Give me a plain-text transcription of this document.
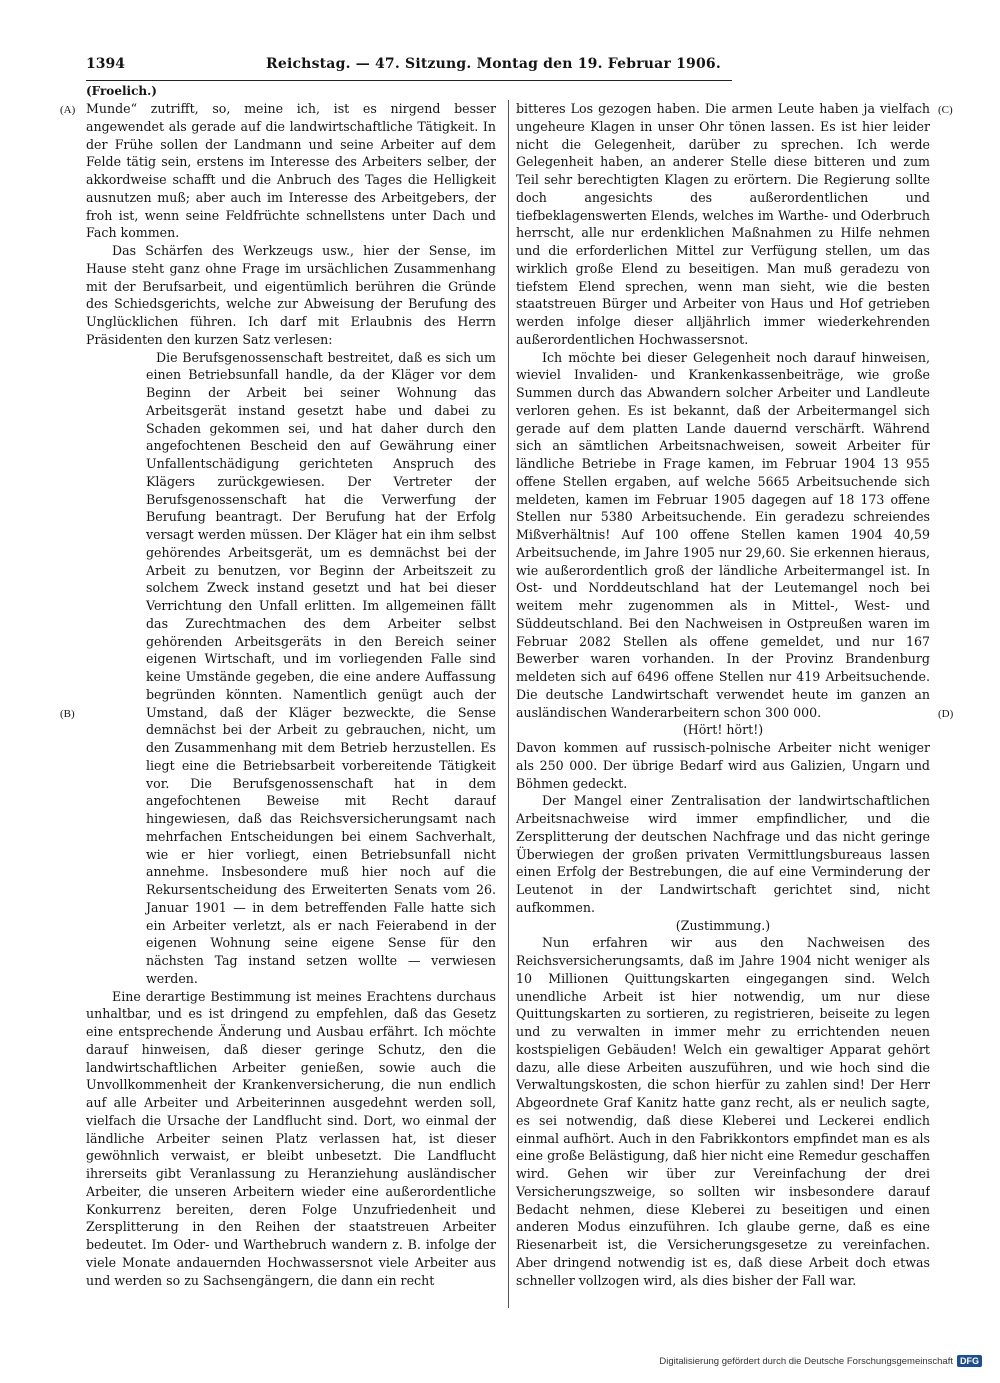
1394	Reichstag. — 47. Sitzung. Montag den 19. Februar 1906.
(Froelich.)
(A)
(B)
(C)
(D)

Munde“ zutrifft, so, meine ich, ist es nirgend besser angewendet als gerade auf die landwirtschaftliche Tätigkeit. In der Frühe sollen der Landmann und seine Arbeiter auf dem Felde tätig sein, erstens im Interesse des Arbeiters selber, der akkordweise schafft und die Anbruch des Tages die Helligkeit ausnutzen muß; aber auch im Interesse des Arbeitgebers, der froh ist, wenn seine Feldfrüchte schnellstens unter Dach und Fach kommen.

Das Schärfen des Werkzeugs usw., hier der Sense, im Hause steht ganz ohne Frage im ursächlichen Zusammenhang mit der Berufsarbeit, und eigentümlich berühren die Gründe des Schiedsgerichts, welche zur Abweisung der Berufung des Unglücklichen führen. Ich darf mit Erlaubnis des Herrn Präsidenten den kurzen Satz verlesen:

Die Berufsgenossenschaft bestreitet, daß es sich um einen Betriebsunfall handle, da der Kläger vor dem Beginn der Arbeit bei seiner Wohnung das Arbeitsgerät instand gesetzt habe und dabei zu Schaden gekommen sei, und hat daher durch den angefochtenen Bescheid den auf Gewährung einer Unfallentschädigung gerichteten Anspruch des Klägers zurückgewiesen. Der Vertreter der Berufsgenossenschaft hat die Verwerfung der Berufung beantragt. Der Berufung hat der Erfolg versagt werden müssen. Der Kläger hat ein ihm selbst gehörendes Arbeitsgerät, um es demnächst bei der Arbeit zu benutzen, vor Beginn der Arbeitszeit zu solchem Zweck instand gesetzt und hat bei dieser Verrichtung den Unfall erlitten. Im allgemeinen fällt das Zurechtmachen des dem Arbeiter selbst gehörenden Arbeitsgeräts in den Bereich seiner eigenen Wirtschaft, und im vorliegenden Falle sind keine Umstände gegeben, die eine andere Auffassung begründen könnten. Namentlich genügt auch der Umstand, daß der Kläger bezweckte, die Sense demnächst bei der Arbeit zu gebrauchen, nicht, um den Zusammenhang mit dem Betrieb herzustellen. Es liegt eine die Betriebsarbeit vorbereitende Tätigkeit vor. Die Berufsgenossenschaft hat in dem angefochtenen Beweise mit Recht darauf hingewiesen, daß das Reichsversicherungsamt nach mehrfachen Entscheidungen bei einem Sachverhalt, wie er hier vorliegt, einen Betriebsunfall nicht annehme. Insbesondere muß hier noch auf die Rekursentscheidung des Erweiterten Senats vom 26. Januar 1901 — in dem betreffenden Falle hatte sich ein Arbeiter verletzt, als er nach Feierabend in der eigenen Wohnung seine eigene Sense für den nächsten Tag instand setzen wollte — verwiesen werden.

Eine derartige Bestimmung ist meines Erachtens durchaus unhaltbar, und es ist dringend zu empfehlen, daß das Gesetz eine entsprechende Änderung und Ausbau erfährt. Ich möchte darauf hinweisen, daß dieser geringe Schutz, den die landwirtschaftlichen Arbeiter genießen, sowie auch die Unvollkommenheit der Krankenversicherung, die nun endlich auf alle Arbeiter und Arbeiterinnen ausgedehnt werden soll, vielfach die Ursache der Landflucht sind. Dort, wo einmal der ländliche Arbeiter seinen Platz verlassen hat, ist dieser gewöhnlich verwaist, er bleibt unbesetzt. Die Landflucht ihrerseits gibt Veranlassung zu Heranziehung ausländischer Arbeiter, die unseren Arbeitern wieder eine außerordentliche Konkurrenz bereiten, deren Folge Unzufriedenheit und Zersplitterung in den Reihen der staatstreuen Arbeiter bedeutet. Im Oder- und Warthebruch wandern z. B. infolge der viele Monate andauernden Hochwassersnot viele Arbeiter aus und werden so zu Sachsengängern, die dann ein recht

bitteres Los gezogen haben. Die armen Leute haben ja vielfach ungeheure Klagen in unser Ohr tönen lassen. Es ist hier leider nicht die Gelegenheit, darüber zu sprechen. Ich werde Gelegenheit haben, an anderer Stelle diese bitteren und zum Teil sehr berechtigten Klagen zu erörtern. Die Regierung sollte doch angesichts des außerordentlichen und tiefbeklagenswerten Elends, welches im Warthe- und Oderbruch herrscht, alle nur erdenklichen Maßnahmen zu Hilfe nehmen und die erforderlichen Mittel zur Verfügung stellen, um das wirklich große Elend zu beseitigen. Man muß geradezu von tiefstem Elend sprechen, wenn man sieht, wie die besten staatstreuen Bürger und Arbeiter von Haus und Hof getrieben werden infolge dieser alljährlich immer wiederkehrenden außerordentlichen Hochwassersnot.

Ich möchte bei dieser Gelegenheit noch darauf hinweisen, wieviel Invaliden- und Krankenkassenbeiträge, wie große Summen durch das Abwandern solcher Arbeiter und Landleute verloren gehen. Es ist bekannt, daß der Arbeitermangel sich gerade auf dem platten Lande dauernd verschärft. Während sich an sämtlichen Arbeitsnachweisen, soweit Arbeiter für ländliche Betriebe in Frage kamen, im Februar 1904 13 955 offene Stellen ergaben, auf welche 5665 Arbeitsuchende sich meldeten, kamen im Februar 1905 dagegen auf 18 173 offene Stellen nur 5380 Arbeitsuchende. Ein geradezu schreiendes Mißverhältnis! Auf 100 offene Stellen kamen 1904 40,59 Arbeitsuchende, im Jahre 1905 nur 29,60. Sie erkennen hieraus, wie außerordentlich groß der ländliche Arbeitermangel ist. In Ost- und Norddeutschland hat der Leutemangel noch bei weitem mehr zugenommen als in Mittel-, West- und Süddeutschland. Bei den Nachweisen in Ostpreußen waren im Februar 2082 Stellen als offene gemeldet, und nur 167 Bewerber waren vorhanden. In der Provinz Brandenburg meldeten sich auf 6496 offene Stellen nur 419 Arbeitsuchende. Die deutsche Landwirtschaft verwendet heute im ganzen an ausländischen Wanderarbeitern schon 300 000.

(Hört! hört!)

Davon kommen auf russisch-polnische Arbeiter nicht weniger als 250 000. Der übrige Bedarf wird aus Galizien, Ungarn und Böhmen gedeckt.

Der Mangel einer Zentralisation der landwirtschaftlichen Arbeitsnachweise wird immer empfindlicher, und die Zersplitterung der deutschen Nachfrage und das nicht geringe Überwiegen der großen privaten Vermittlungsbureaus lassen einen Erfolg der Bestrebungen, die auf eine Verminderung der Leutenot in der Landwirtschaft gerichtet sind, nicht aufkommen.

(Zustimmung.)

Nun erfahren wir aus den Nachweisen des Reichsversicherungsamts, daß im Jahre 1904 nicht weniger als 10 Millionen Quittungskarten eingegangen sind. Welch unendliche Arbeit ist hier notwendig, um nur diese Quittungskarten zu sortieren, zu registrieren, beiseite zu legen und zu verwalten in immer mehr zu errichtenden neuen kostspieligen Gebäuden! Welch ein gewaltiger Apparat gehört dazu, alle diese Arbeiten auszuführen, und wie hoch sind die Verwaltungskosten, die schon hierfür zu zahlen sind! Der Herr Abgeordnete Graf Kanitz hatte ganz recht, als er neulich sagte, es sei notwendig, daß diese Kleberei und Leckerei endlich einmal aufhört. Auch in den Fabrikkontors empfindet man es als eine große Belästigung, daß hier nicht eine Remedur geschaffen wird. Gehen wir über zur Vereinfachung der drei Versicherungszweige, so sollten wir insbesondere darauf Bedacht nehmen, diese Kleberei zu beseitigen und einen anderen Modus einzuführen. Ich glaube gerne, daß es eine Riesenarbeit ist, die Versicherungsgesetze zu vereinfachen. Aber dringend notwendig ist es, daß diese Arbeit doch etwas schneller vollzogen wird, als dies bisher der Fall war.

Digitalisierung gefördert durch die Deutsche Forschungsgemeinschaft DFG
